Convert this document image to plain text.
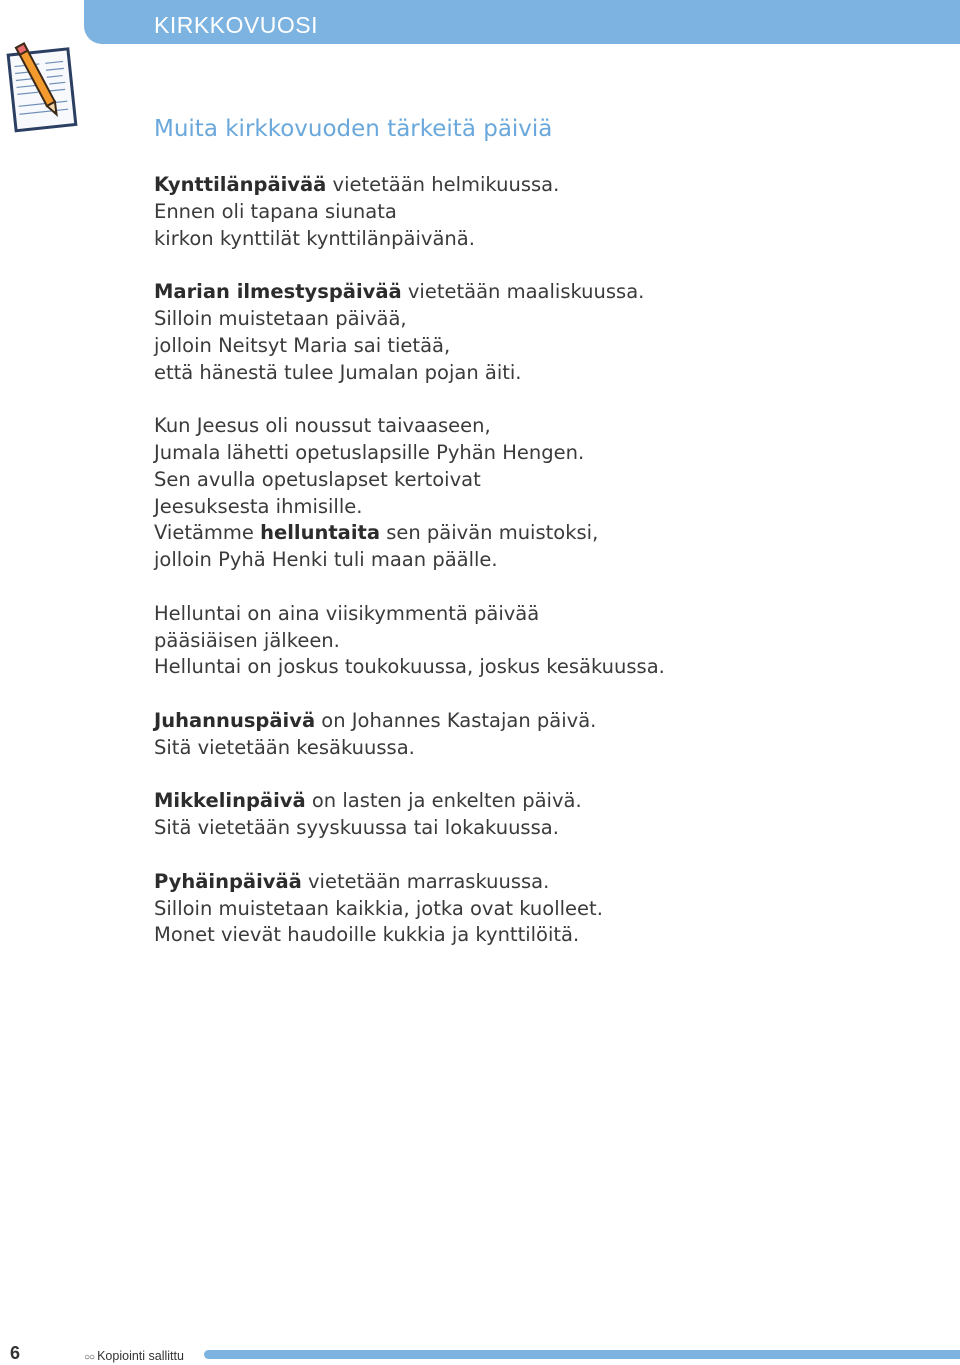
KIRKKOVUOSI
Muita kirkkovuoden tärkeitä päiviä

Kynttilänpäivää vietetään helmikuussa.
Ennen oli tapana siunata
kirkon kynttilät kynttilänpäivänä.

Marian ilmestyspäivää vietetään maaliskuussa.
Silloin muistetaan päivää,
jolloin Neitsyt Maria sai tietää,
että hänestä tulee Jumalan pojan äiti.

Kun Jeesus oli noussut taivaaseen,
Jumala lähetti opetuslapsille Pyhän Hengen.
Sen avulla opetuslapset kertoivat
Jeesuksesta ihmisille.
Vietämme helluntaita sen päivän muistoksi,
jolloin Pyhä Henki tuli maan päälle.

Helluntai on aina viisikymmentä päivää
pääsiäisen jälkeen.
Helluntai on joskus toukokuussa, joskus kesäkuussa.

Juhannuspäivä on Johannes Kastajan päivä.
Sitä vietetään kesäkuussa.

Mikkelinpäivä on lasten ja enkelten päivä.
Sitä vietetään syyskuussa tai lokakuussa.

Pyhäinpäivää vietetään marraskuussa.
Silloin muistetaan kaikkia, jotka ovat kuolleet.
Monet vievät haudoille kukkia ja kynttilöitä.

6	○○ Kopiointi sallittu
